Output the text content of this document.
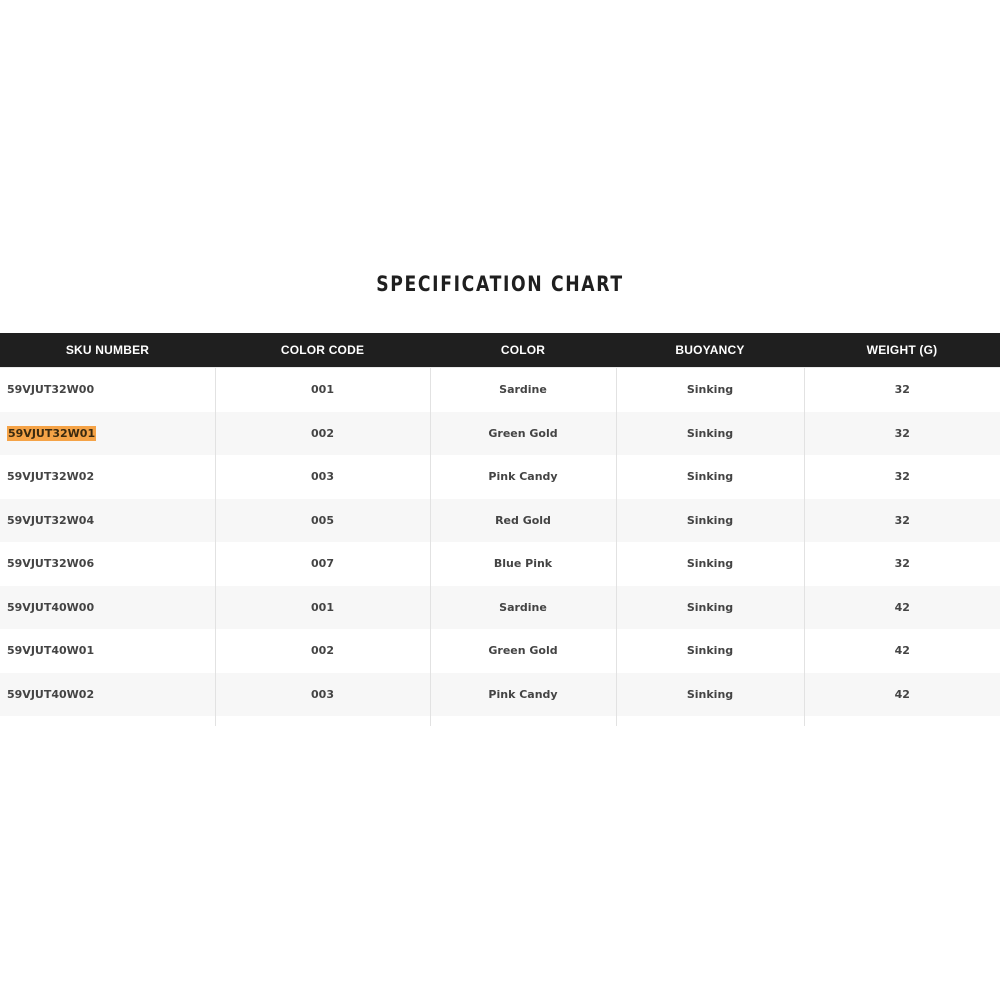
SPECIFICATION CHART
SKU NUMBER	COLOR CODE	COLOR	BUOYANCY	WEIGHT (G)
59VJUT32W00	001	Sardine	Sinking	32
59VJUT32W01	002	Green Gold	Sinking	32
59VJUT32W02	003	Pink Candy	Sinking	32
59VJUT32W04	005	Red Gold	Sinking	32
59VJUT32W06	007	Blue Pink	Sinking	32
59VJUT40W00	001	Sardine	Sinking	42
59VJUT40W01	002	Green Gold	Sinking	42
59VJUT40W02	003	Pink Candy	Sinking	42
